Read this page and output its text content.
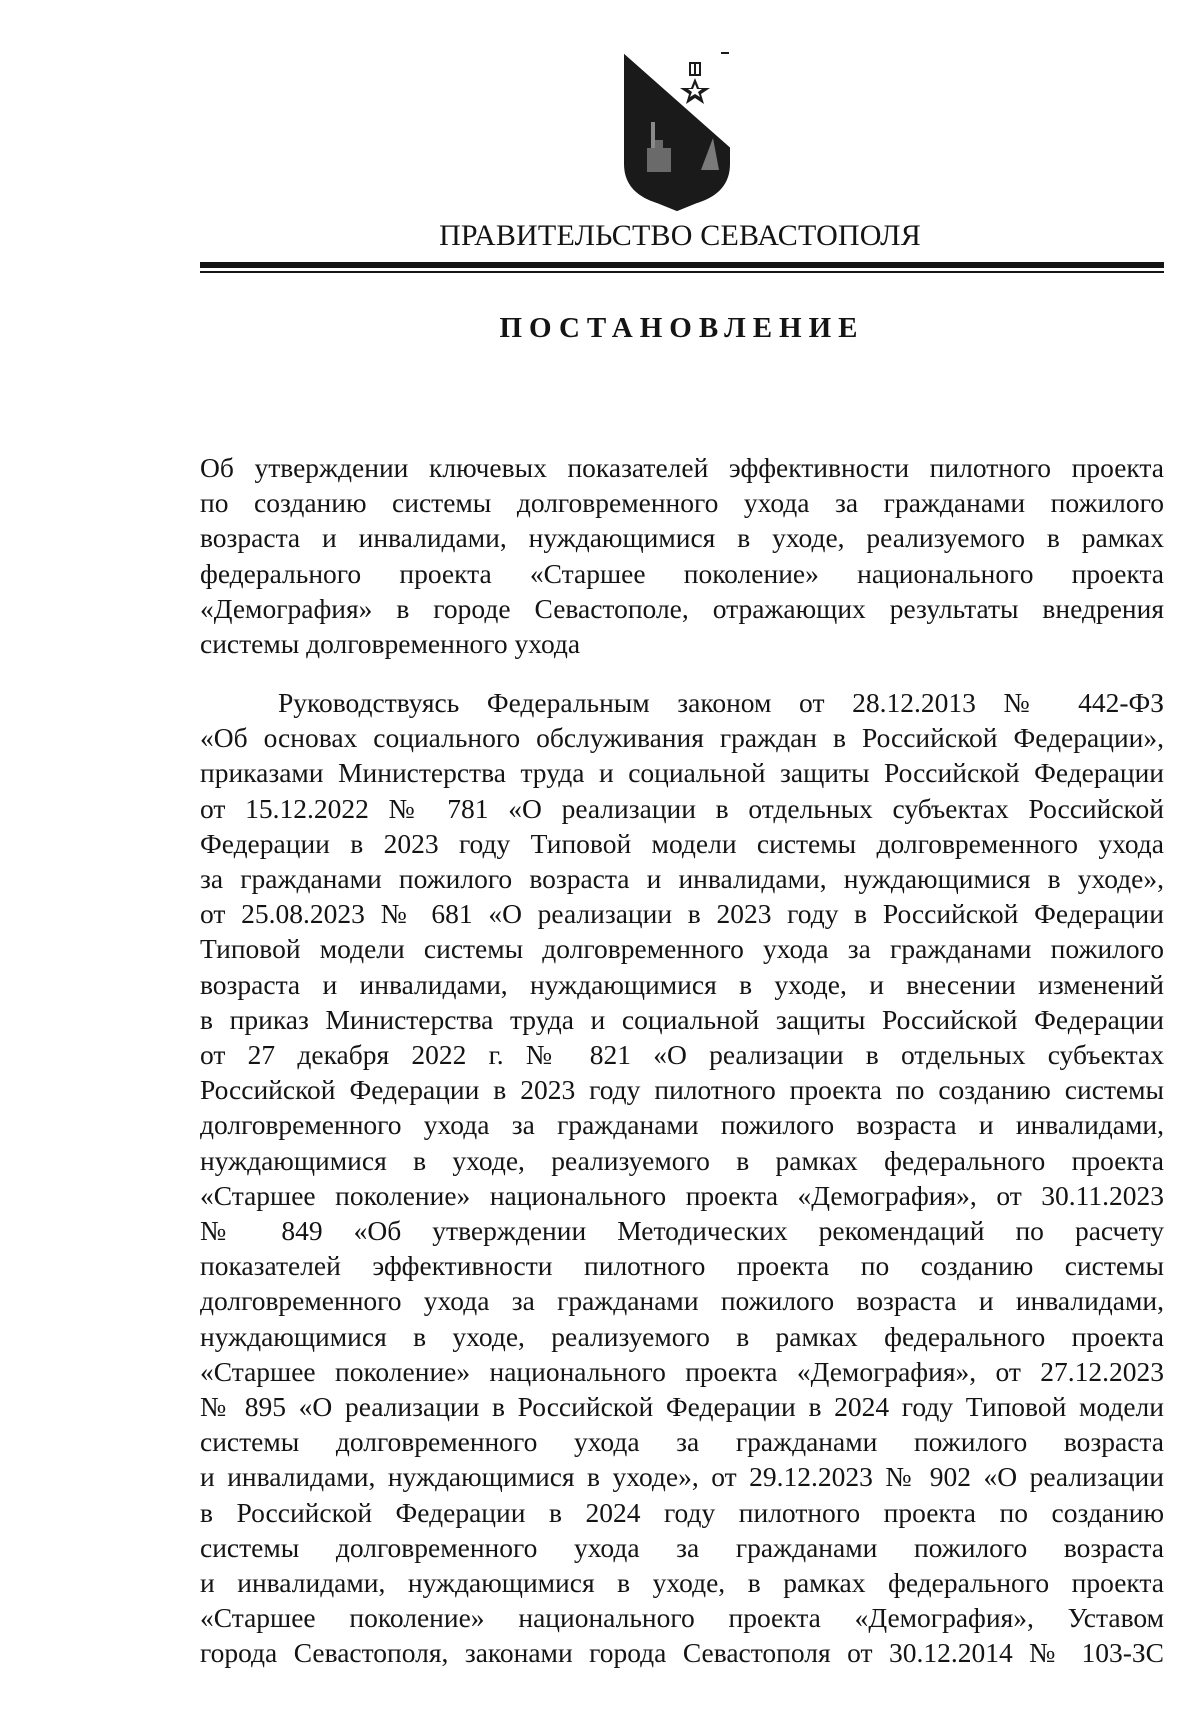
ПРАВИТЕЛЬСТВО СЕВАСТОПОЛЯ
ПОСТАНОВЛЕНИЕ
Об утверждении ключевых показателей эффективности пилотного проекта
по созданию системы долговременного ухода за гражданами пожилого
возраста и инвалидами, нуждающимися в уходе, реализуемого в рамках
федерального проекта «Старшее поколение» национального проекта
«Демография» в городе Севастополе, отражающих результаты внедрения
системы долговременного ухода
Руководствуясь Федеральным законом от 28.12.2013 № 442-ФЗ
«Об основах социального обслуживания граждан в Российской Федерации»,
приказами Министерства труда и социальной защиты Российской Федерации
от 15.12.2022 № 781 «О реализации в отдельных субъектах Российской
Федерации в 2023 году Типовой модели системы долговременного ухода
за гражданами пожилого возраста и инвалидами, нуждающимися в уходе»,
от 25.08.2023 № 681 «О реализации в 2023 году в Российской Федерации
Типовой модели системы долговременного ухода за гражданами пожилого
возраста и инвалидами, нуждающимися в уходе, и внесении изменений
в приказ Министерства труда и социальной защиты Российской Федерации
от 27 декабря 2022 г. № 821 «О реализации в отдельных субъектах
Российской Федерации в 2023 году пилотного проекта по созданию системы
долговременного ухода за гражданами пожилого возраста и инвалидами,
нуждающимися в уходе, реализуемого в рамках федерального проекта
«Старшее поколение» национального проекта «Демография», от 30.11.2023
№ 849 «Об утверждении Методических рекомендаций по расчету
показателей эффективности пилотного проекта по созданию системы
долговременного ухода за гражданами пожилого возраста и инвалидами,
нуждающимися в уходе, реализуемого в рамках федерального проекта
«Старшее поколение» национального проекта «Демография», от 27.12.2023
№ 895 «О реализации в Российской Федерации в 2024 году Типовой модели
системы долговременного ухода за гражданами пожилого возраста
и инвалидами, нуждающимися в уходе», от 29.12.2023 № 902 «О реализации
в Российской Федерации в 2024 году пилотного проекта по созданию
системы долговременного ухода за гражданами пожилого возраста
и инвалидами, нуждающимися в уходе, в рамках федерального проекта
«Старшее поколение» национального проекта «Демография», Уставом
города Севастополя, законами города Севастополя от 30.12.2014 № 103-ЗС
